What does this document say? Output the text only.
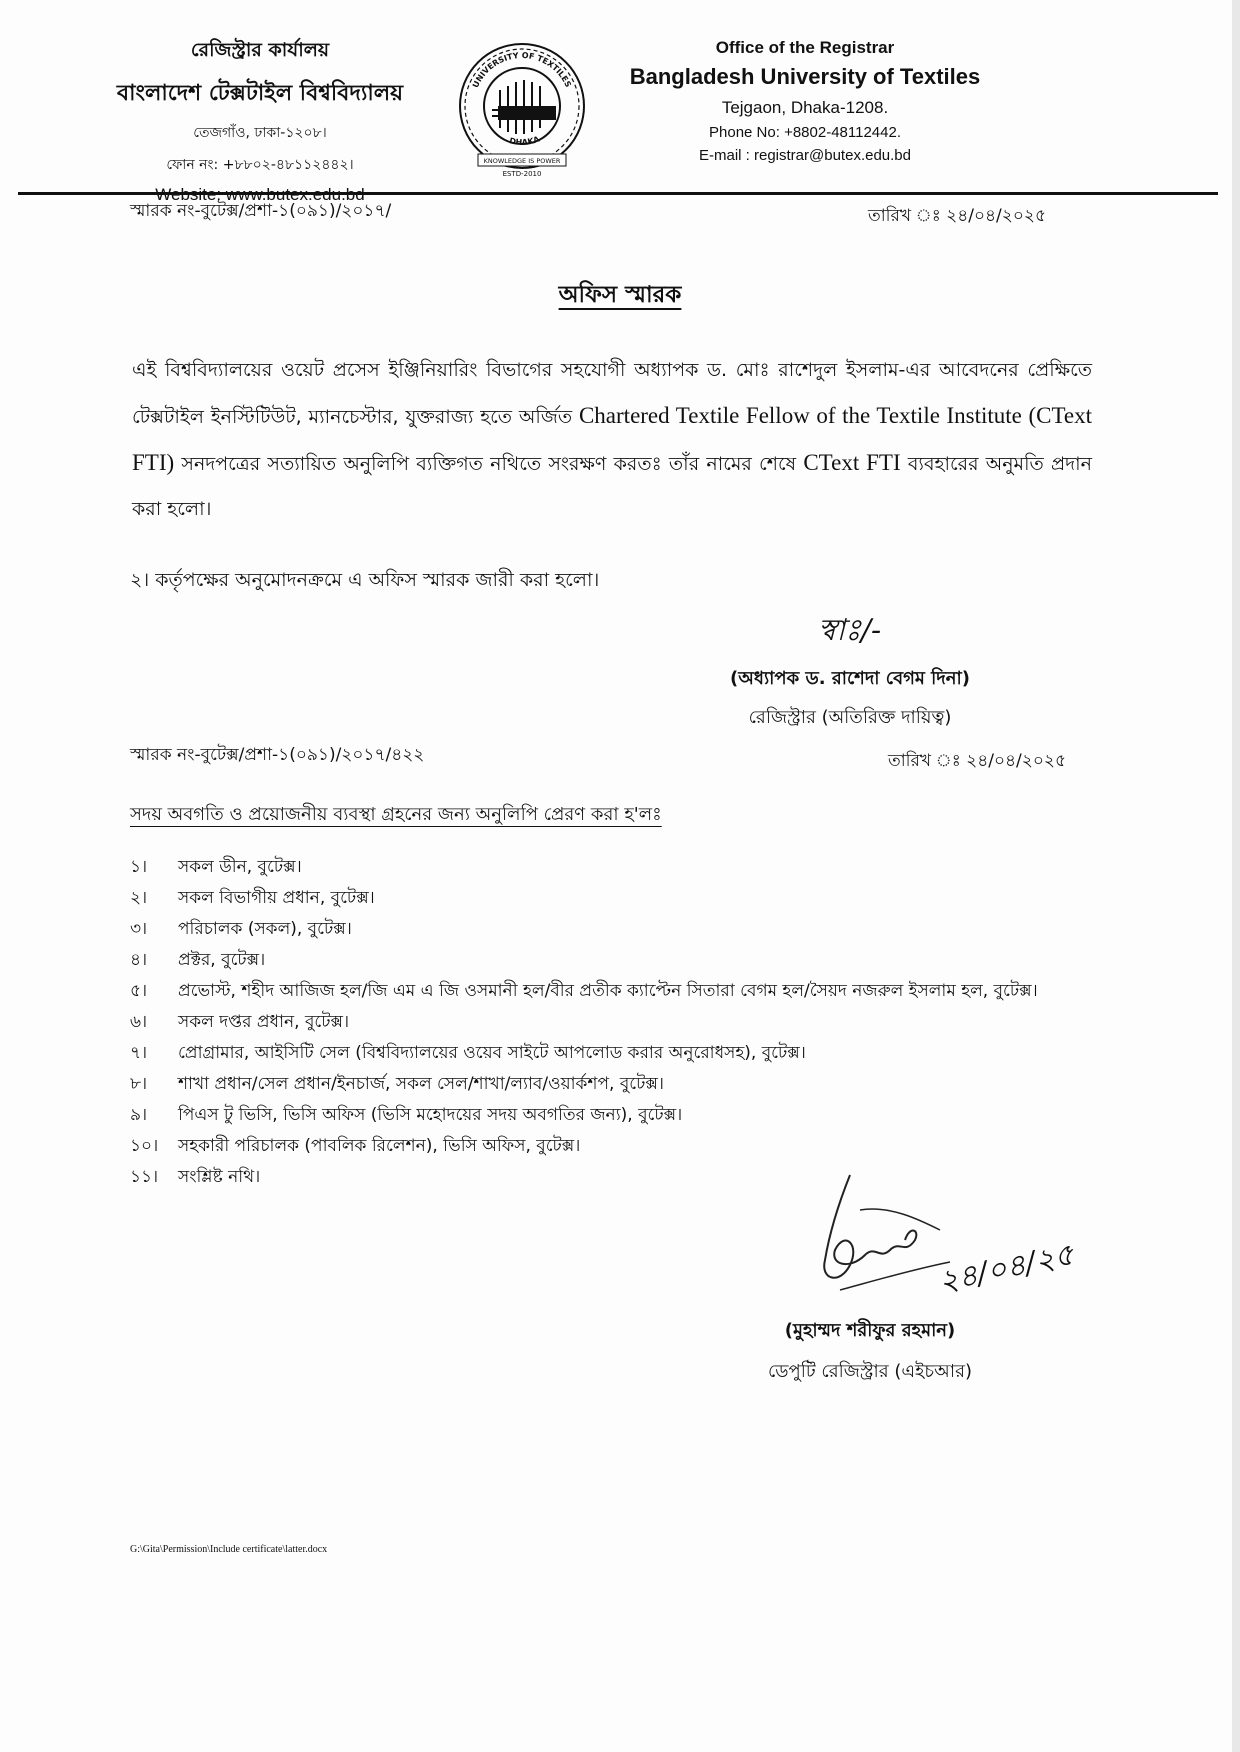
রেজিস্ট্রার কার্যালয়
বাংলাদেশ টেক্সটাইল বিশ্ববিদ্যালয়
তেজগাঁও, ঢাকা-১২০৮।
ফোন নং: +৮৮০২-৪৮১১২৪৪২।
UNIVERSITY OF TEXTILES
DHAKA
KNOWLEDGE IS POWER
ESTD-2010
Office of the Registrar
Bangladesh University of Textiles
Tejgaon, Dhaka-1208.
Phone No: +8802-48112442.
E-mail : registrar@butex.edu.bd
স্মারক নং-বুটেক্স/প্রশা-১(০৯১)/২০১৭/	তারিখ ঃ ২৪/০৪/২০২৫
অফিস স্মারক
এই বিশ্ববিদ্যালয়ের ওয়েট প্রসেস ইঞ্জিনিয়ারিং বিভাগের সহযোগী অধ্যাপক ড. মোঃ রাশেদুল ইসলাম-এর আবেদনের প্রেক্ষিতে টেক্সটাইল ইনস্টিটিউট, ম্যানচেস্টার, যুক্তরাজ্য হতে অর্জিত Chartered Textile Fellow of the Textile Institute (CText FTI) সনদপত্রের সত্যায়িত অনুলিপি ব্যক্তিগত নথিতে সংরক্ষণ করতঃ তাঁর নামের শেষে CText FTI ব্যবহারের অনুমতি প্রদান করা হলো।
২। কর্তৃপক্ষের অনুমোদনক্রমে এ অফিস স্মারক জারী করা হলো।
স্বাঃ/-
(অধ্যাপক ড. রাশেদা বেগম দিনা)
রেজিস্ট্রার (অতিরিক্ত দায়িত্ব)
স্মারক নং-বুটেক্স/প্রশা-১(০৯১)/২০১৭/৪২২	তারিখ ঃ ২৪/০৪/২০২৫
সদয় অবগতি ও প্রয়োজনীয় ব্যবস্থা গ্রহনের জন্য অনুলিপি প্রেরণ করা হ'লঃ
১।	সকল ডীন, বুটেক্স।
২।	সকল বিভাগীয় প্রধান, বুটেক্স।
৩।	পরিচালক (সকল), বুটেক্স।
৪।	প্রক্টর, বুটেক্স।
৫।	প্রভোস্ট, শহীদ আজিজ হল/জি এম এ জি ওসমানী হল/বীর প্রতীক ক্যাপ্টেন সিতারা বেগম হল/সৈয়দ নজরুল ইসলাম হল, বুটেক্স।
৬।	সকল দপ্তর প্রধান, বুটেক্স।
৭।	প্রোগ্রামার, আইসিটি সেল (বিশ্ববিদ্যালয়ের ওয়েব সাইটে আপলোড করার অনুরোধসহ), বুটেক্স।
৮।	শাখা প্রধান/সেল প্রধান/ইনচার্জ, সকল সেল/শাখা/ল্যাব/ওয়ার্কশপ, বুটেক্স।
৯।	পিএস টু ভিসি, ভিসি অফিস (ভিসি মহোদয়ের সদয় অবগতির জন্য), বুটেক্স।
১০।	সহকারী পরিচালক (পাবলিক রিলেশন), ভিসি অফিস, বুটেক্স।
১১।	সংশ্লিষ্ট নথি।
২৪/০৪/২৫
(মুহাম্মদ শরীফুর রহমান)
ডেপুটি রেজিস্ট্রার (এইচআর)
G:\Gita\Permission\Include certificate\latter.docx
